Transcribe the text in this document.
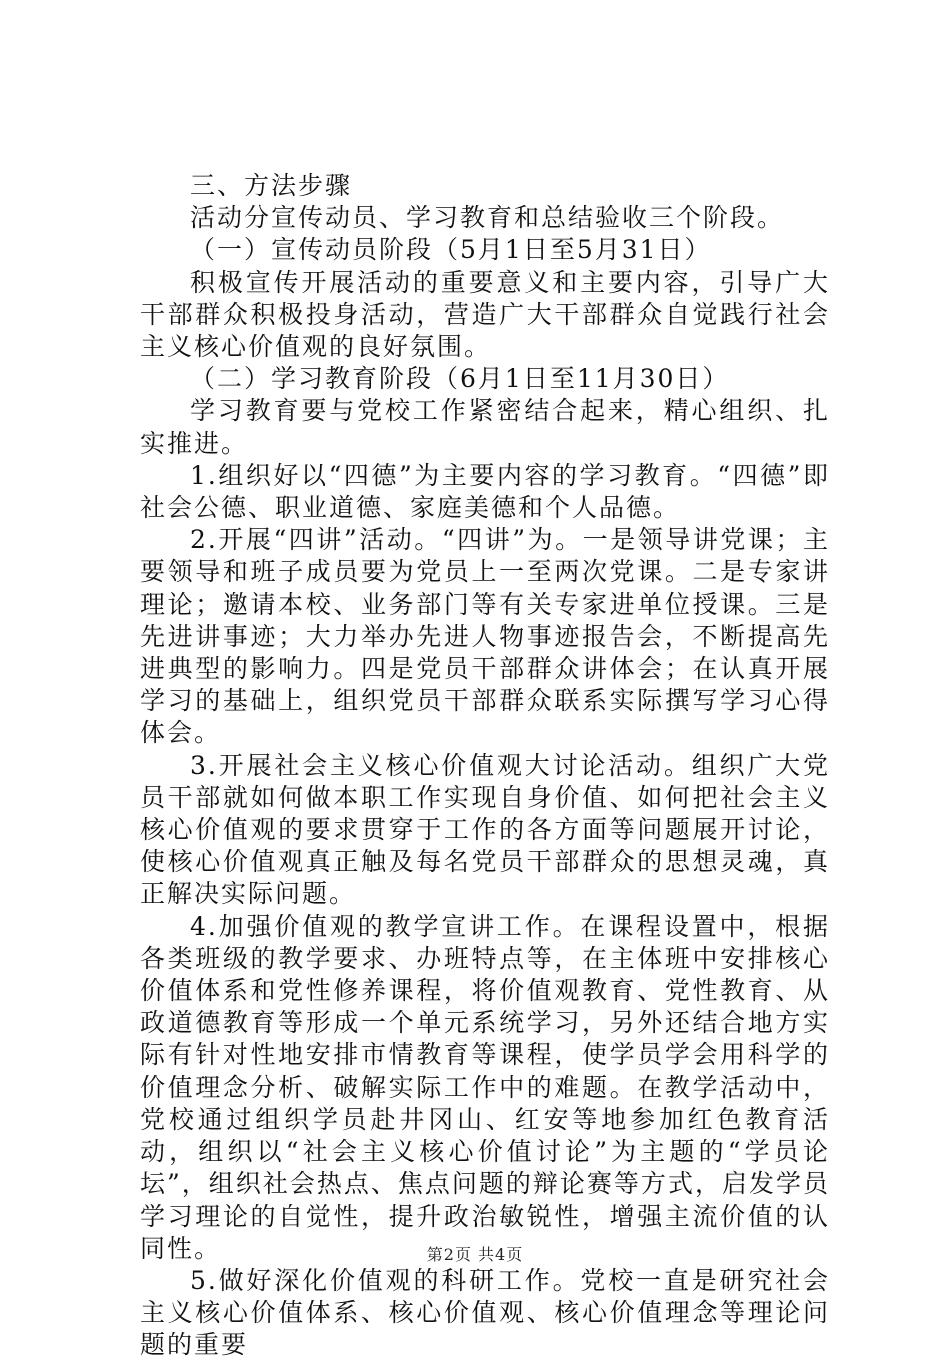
三、方法步骤

活动分宣传动员、学习教育和总结验收三个阶段。

（一）宣传动员阶段（5月1日至5月31日）

积极宣传开展活动的重要意义和主要内容，引导广大干部群众积极投身活动，营造广大干部群众自觉践行社会主义核心价值观的良好氛围。

（二）学习教育阶段（6月1日至11月30日）

学习教育要与党校工作紧密结合起来，精心组织、扎实推进。

1.组织好以“四德”为主要内容的学习教育。“四德”即社会公德、职业道德、家庭美德和个人品德。

2.开展“四讲”活动。“四讲”为。一是领导讲党课；主要领导和班子成员要为党员上一至两次党课。二是专家讲理论；邀请本校、业务部门等有关专家进单位授课。三是先进讲事迹；大力举办先进人物事迹报告会，不断提高先进典型的影响力。四是党员干部群众讲体会；在认真开展学习的基础上，组织党员干部群众联系实际撰写学习心得体会。

3.开展社会主义核心价值观大讨论活动。组织广大党员干部就如何做本职工作实现自身价值、如何把社会主义核心价值观的要求贯穿于工作的各方面等问题展开讨论，使核心价值观真正触及每名党员干部群众的思想灵魂，真正解决实际问题。

4.加强价值观的教学宣讲工作。在课程设置中，根据各类班级的教学要求、办班特点等，在主体班中安排核心价值体系和党性修养课程，将价值观教育、党性教育、从政道德教育等形成一个单元系统学习，另外还结合地方实际有针对性地安排市情教育等课程，使学员学会用科学的价值理念分析、破解实际工作中的难题。在教学活动中，党校通过组织学员赴井冈山、红安等地参加红色教育活动，组织以“社会主义核心价值讨论”为主题的“学员论坛”，组织社会热点、焦点问题的辩论赛等方式，启发学员学习理论的自觉性，提升政治敏锐性，增强主流价值的认同性。

5.做好深化价值观的科研工作。党校一直是研究社会主义核心价值体系、核心价值观、核心价值理念等理论问题的重要

第2页 共4页
